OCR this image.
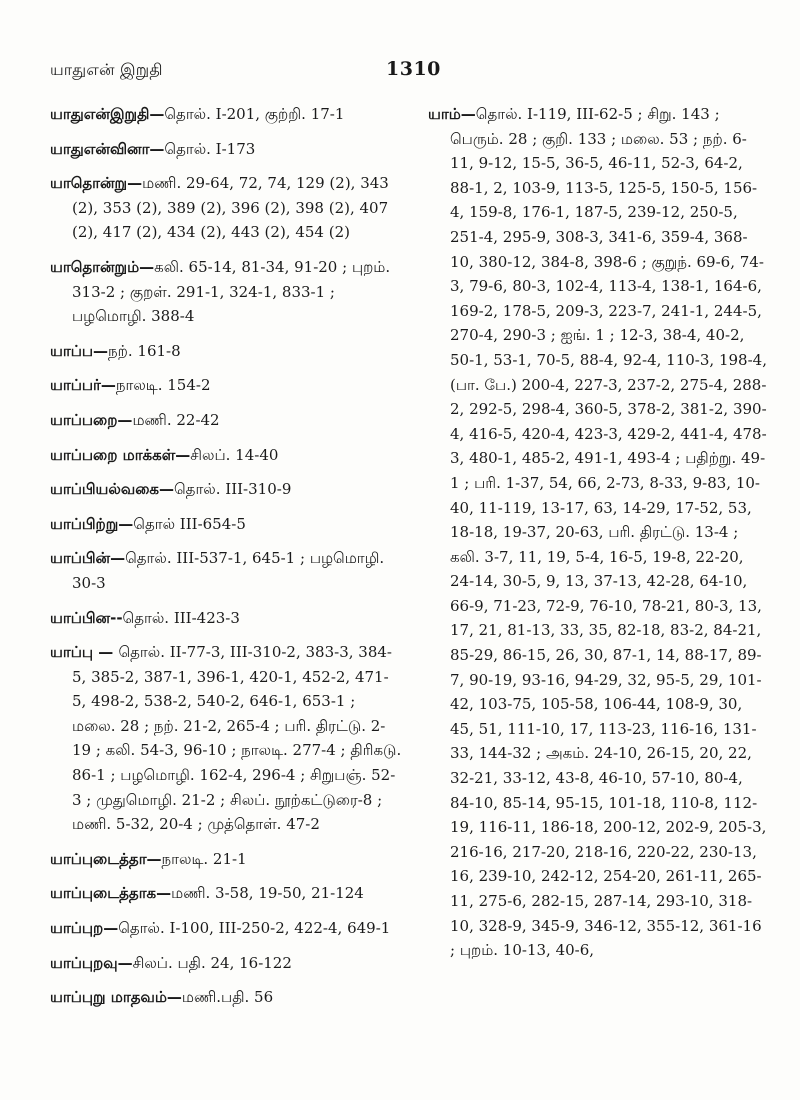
யாதுஎன் இறுதி	1310
யாதுஎன்இறுதி—தொல். I-201, குற்றி. 17-1
யாதுஎன்வினா—தொல். I-173
யாதொன்று—மணி. 29-64, 72, 74, 129 (2), 343 (2), 353 (2), 389 (2), 396 (2), 398 (2), 407 (2), 417 (2), 434 (2), 443 (2), 454 (2)
யாதொன்றும்—கலி. 65-14, 81-34, 91-20 ; புறம். 313-2 ; குறள். 291-1, 324-1, 833-1 ; பழமொழி. 388-4
யாப்ப—நற். 161-8
யாப்பர்—நாலடி. 154-2
யாப்பறை—மணி. 22-42
யாப்பறை மாக்கள்—சிலப். 14-40
யாப்பியல்வகை—தொல். III-310-9
யாப்பிற்று—தொல் III-654-5
யாப்பின்—தொல். III-537-1, 645-1 ; பழமொழி. 30-3
யாப்பின--தொல். III-423-3
யாப்பு — தொல். II-77-3, III-310-2, 383-3, 384-5, 385-2, 387-1, 396-1, 420-1, 452-2, 471-5, 498-2, 538-2, 540-2, 646-1, 653-1 ; மலை. 28 ; நற். 21-2, 265-4 ; பரி. திரட்டு. 2-19 ; கலி. 54-3, 96-10 ; நாலடி. 277-4 ; திரிகடு. 86-1 ; பழமொழி. 162-4, 296-4 ; சிறுபஞ். 52-3 ; முதுமொழி. 21-2 ; சிலப். நூற்கட்டுரை-8 ; மணி. 5-32, 20-4 ; முத்தொள். 47-2
யாப்புடைத்தா—நாலடி. 21-1
யாப்புடைத்தாக—மணி. 3-58, 19-50, 21-124
யாப்புற—தொல். I-100, III-250-2, 422-4, 649-1
யாப்புறவு—சிலப். பதி. 24, 16-122
யாப்புறு மாதவம்—மணி.பதி. 56
யாம்—தொல். I-119, III-62-5 ; சிறு. 143 ; பெரும். 28 ; குறி. 133 ; மலை. 53 ; நற். 6-11, 9-12, 15-5, 36-5, 46-11, 52-3, 64-2, 88-1, 2, 103-9, 113-5, 125-5, 150-5, 156-4, 159-8, 176-1, 187-5, 239-12, 250-5, 251-4, 295-9, 308-3, 341-6, 359-4, 368-10, 380-12, 384-8, 398-6 ; குறுந். 69-6, 74-3, 79-6, 80-3, 102-4, 113-4, 138-1, 164-6, 169-2, 178-5, 209-3, 223-7, 241-1, 244-5, 270-4, 290-3 ; ஐங். 1 ; 12-3, 38-4, 40-2, 50-1, 53-1, 70-5, 88-4, 92-4, 110-3, 198-4, (பா. பே.) 200-4, 227-3, 237-2, 275-4, 288-2, 292-5, 298-4, 360-5, 378-2, 381-2, 390-4, 416-5, 420-4, 423-3, 429-2, 441-4, 478-3, 480-1, 485-2, 491-1, 493-4 ; பதிற்று. 49-1 ; பரி. 1-37, 54, 66, 2-73, 8-33, 9-83, 10-40, 11-119, 13-17, 63, 14-29, 17-52, 53, 18-18, 19-37, 20-63, பரி. திரட்டு. 13-4 ; கலி. 3-7, 11, 19, 5-4, 16-5, 19-8, 22-20, 24-14, 30-5, 9, 13, 37-13, 42-28, 64-10, 66-9, 71-23, 72-9, 76-10, 78-21, 80-3, 13, 17, 21, 81-13, 33, 35, 82-18, 83-2, 84-21, 85-29, 86-15, 26, 30, 87-1, 14, 88-17, 89-7, 90-19, 93-16, 94-29, 32, 95-5, 29, 101-42, 103-75, 105-58, 106-44, 108-9, 30, 45, 51, 111-10, 17, 113-23, 116-16, 131-33, 144-32 ; அகம். 24-10, 26-15, 20, 22, 32-21, 33-12, 43-8, 46-10, 57-10, 80-4, 84-10, 85-14, 95-15, 101-18, 110-8, 112-19, 116-11, 186-18, 200-12, 202-9, 205-3, 216-16, 217-20, 218-16, 220-22, 230-13, 16, 239-10, 242-12, 254-20, 261-11, 265-11, 275-6, 282-15, 287-14, 293-10, 318-10, 328-9, 345-9, 346-12, 355-12, 361-16 ; புறம். 10-13, 40-6,
